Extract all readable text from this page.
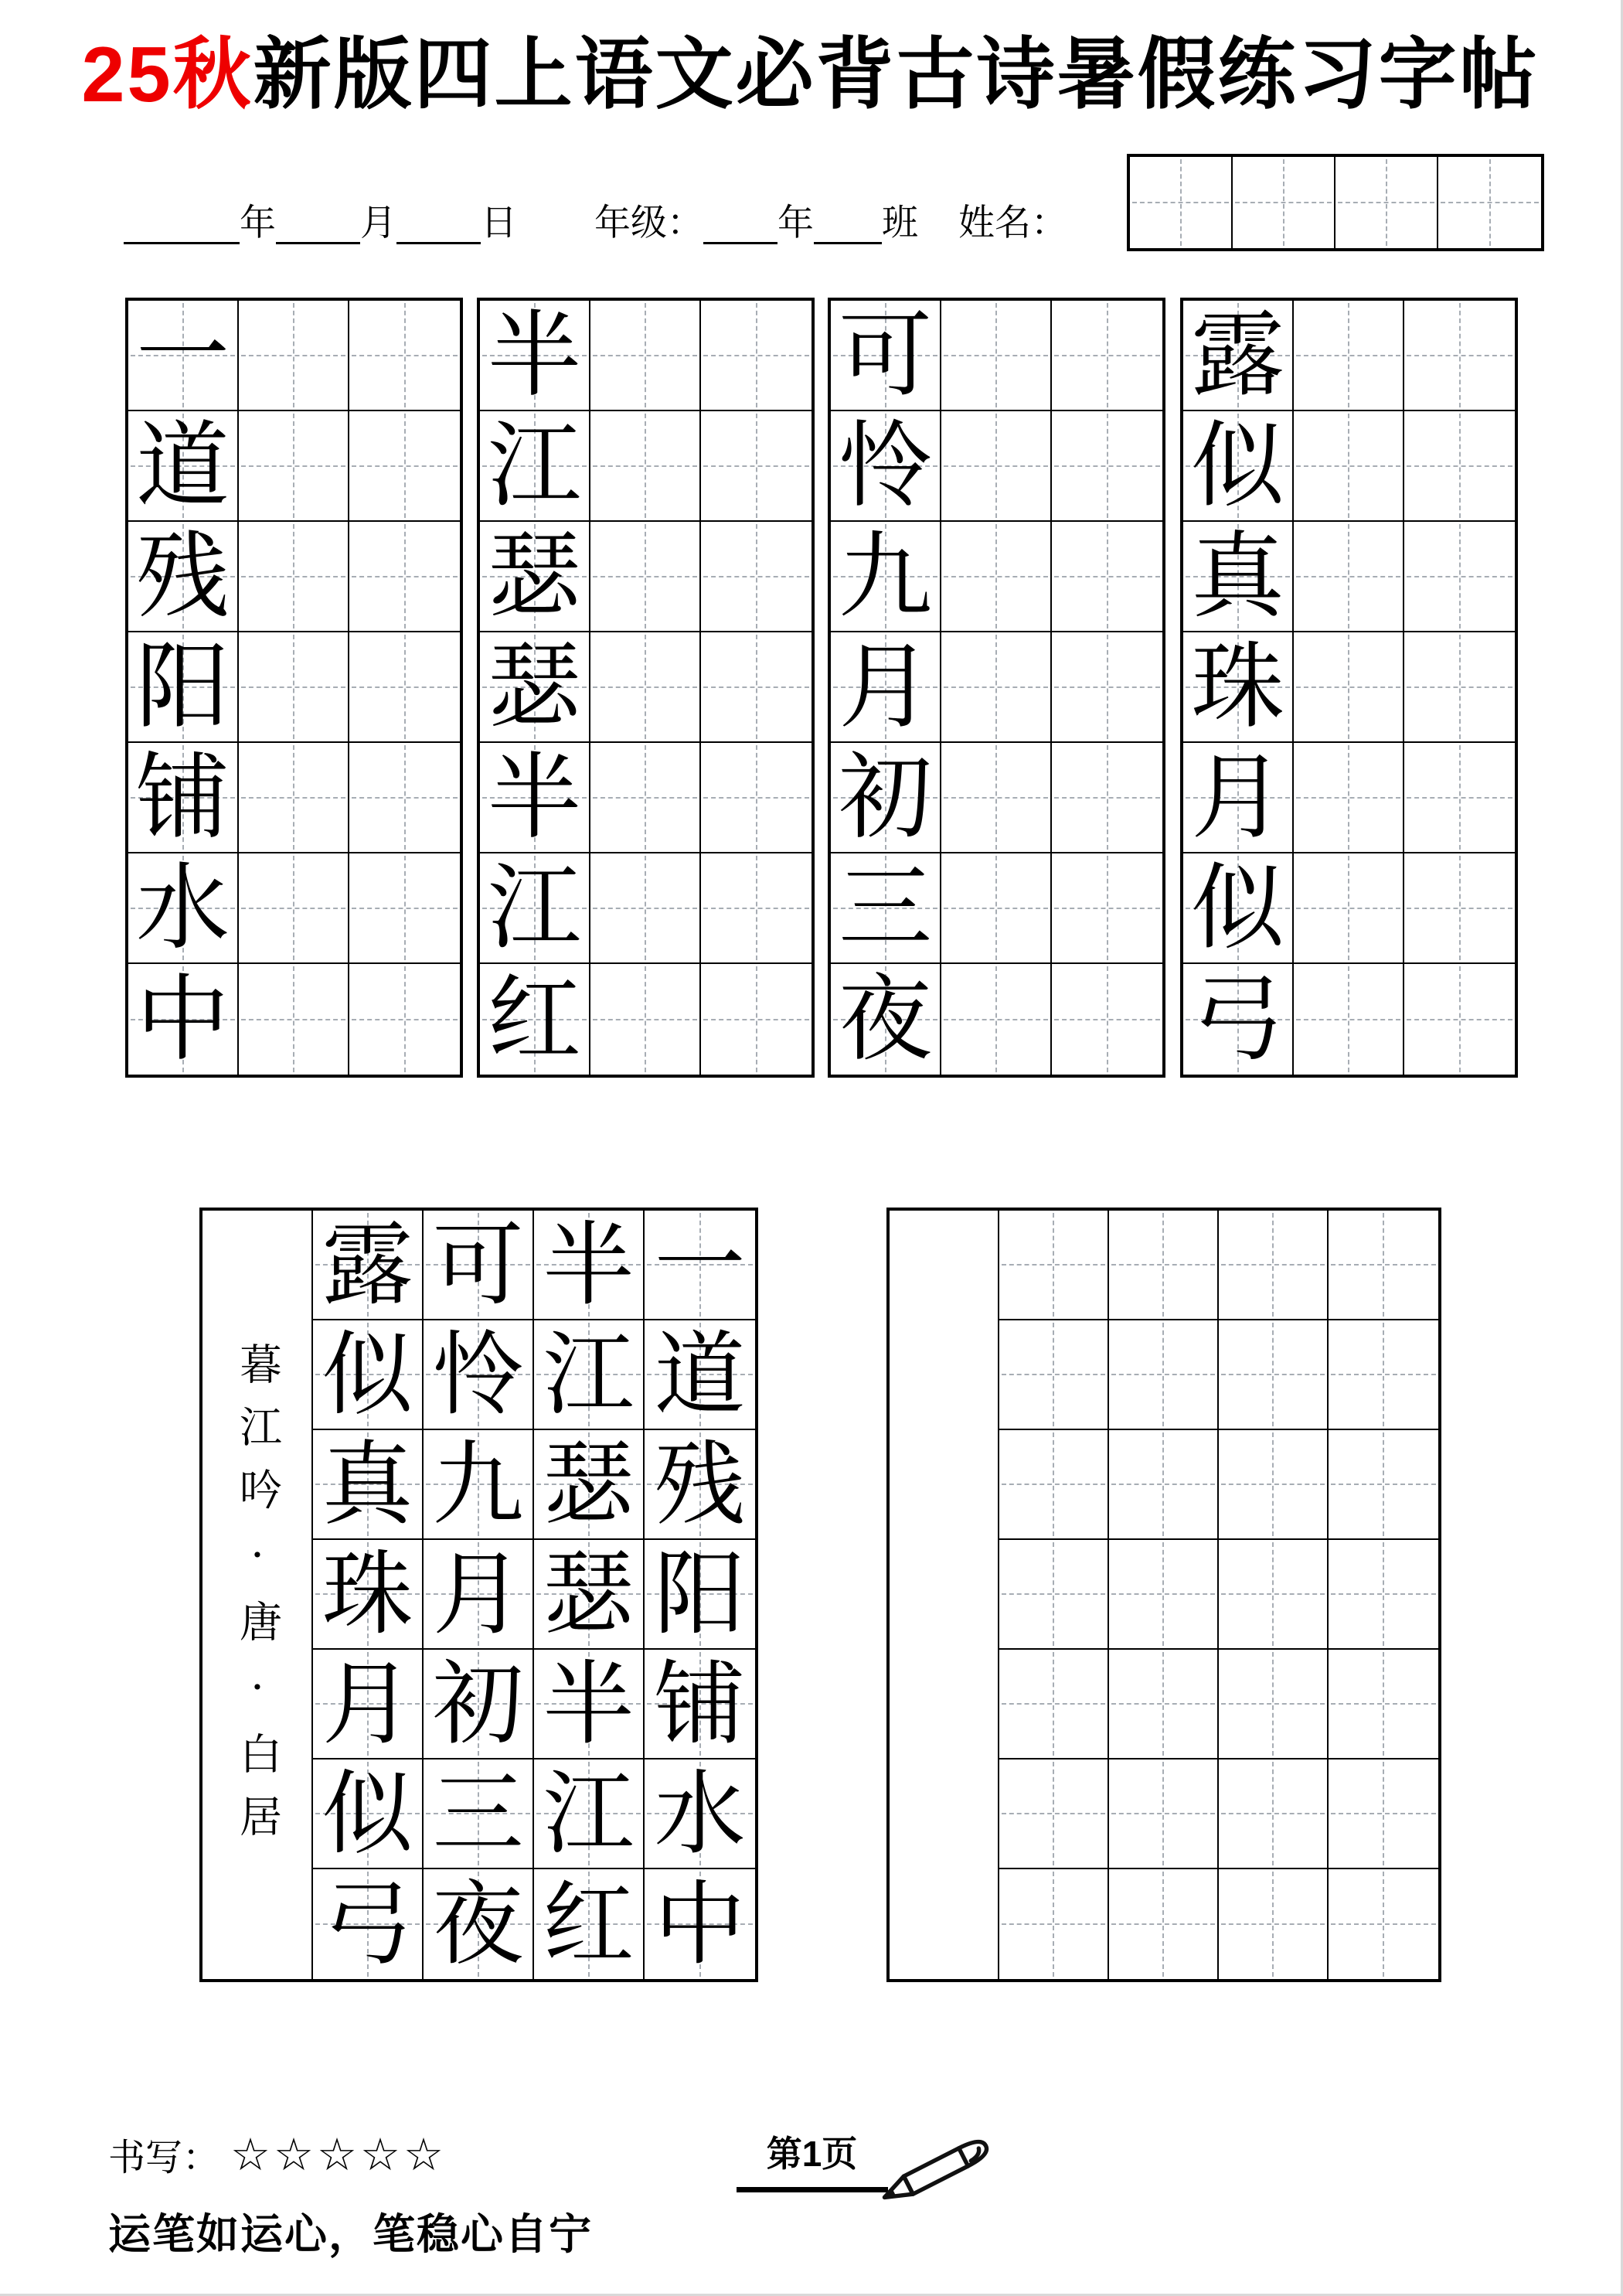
25秋新版四上语文必背古诗暑假练习字帖
年 月 日 年级： 年 班 姓名：
一
道
残
阳
铺
水
中
半
江
瑟
瑟
半
江
红
可
怜
九
月
初
三
夜
露
似
真
珠
月
似
弓
暮江吟·唐·白居
露 可 半 一
似 怜 江 道
真 九 瑟 残
珠 月 瑟 阳
月 初 半 铺
似 三 江 水
弓 夜 红 中
书写： ☆☆☆☆☆	第1页
运笔如运心，笔稳心自宁
